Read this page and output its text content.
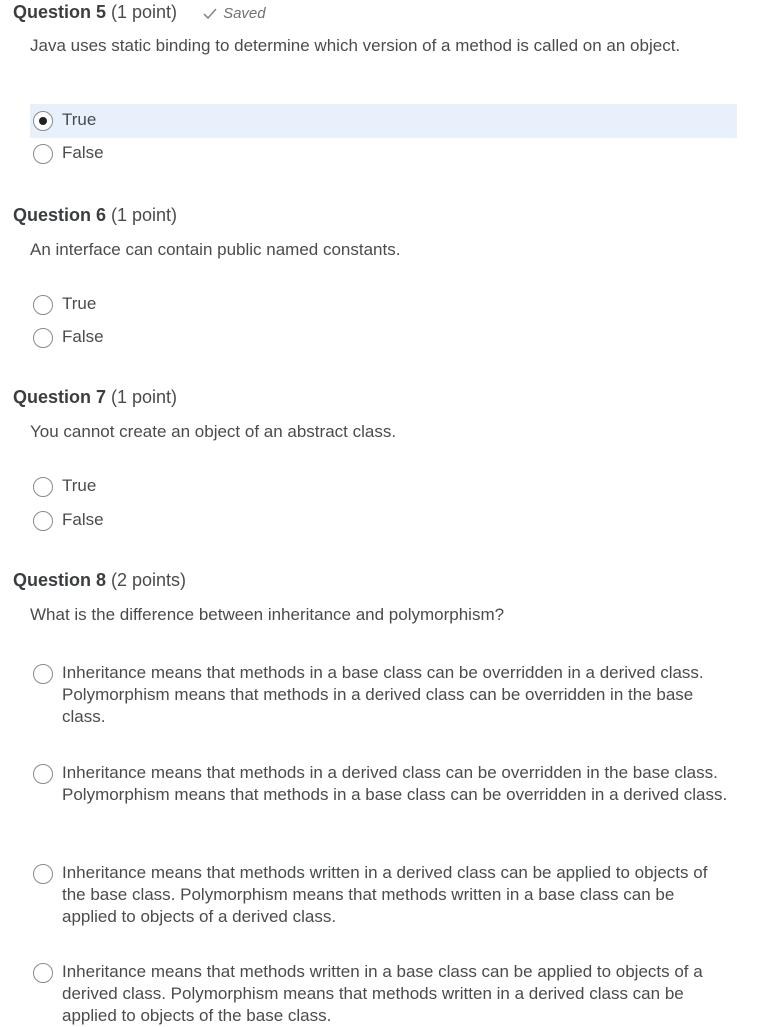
Question 5 (1 point)	Saved
Java uses static binding to determine which version of a method is called on an object.
True
False
Question 6 (1 point)
An interface can contain public named constants.
True
False
Question 7 (1 point)
You cannot create an object of an abstract class.
True
False
Question 8 (2 points)
What is the difference between inheritance and polymorphism?
Inheritance means that methods in a base class can be overridden in a derived class. Polymorphism means that methods in a derived class can be overridden in the base class.
Inheritance means that methods in a derived class can be overridden in the base class. Polymorphism means that methods in a base class can be overridden in a derived class.
Inheritance means that methods written in a derived class can be applied to objects of the base class. Polymorphism means that methods written in a base class can be applied to objects of a derived class.
Inheritance means that methods written in a base class can be applied to objects of a derived class. Polymorphism means that methods written in a derived class can be applied to objects of the base class.
